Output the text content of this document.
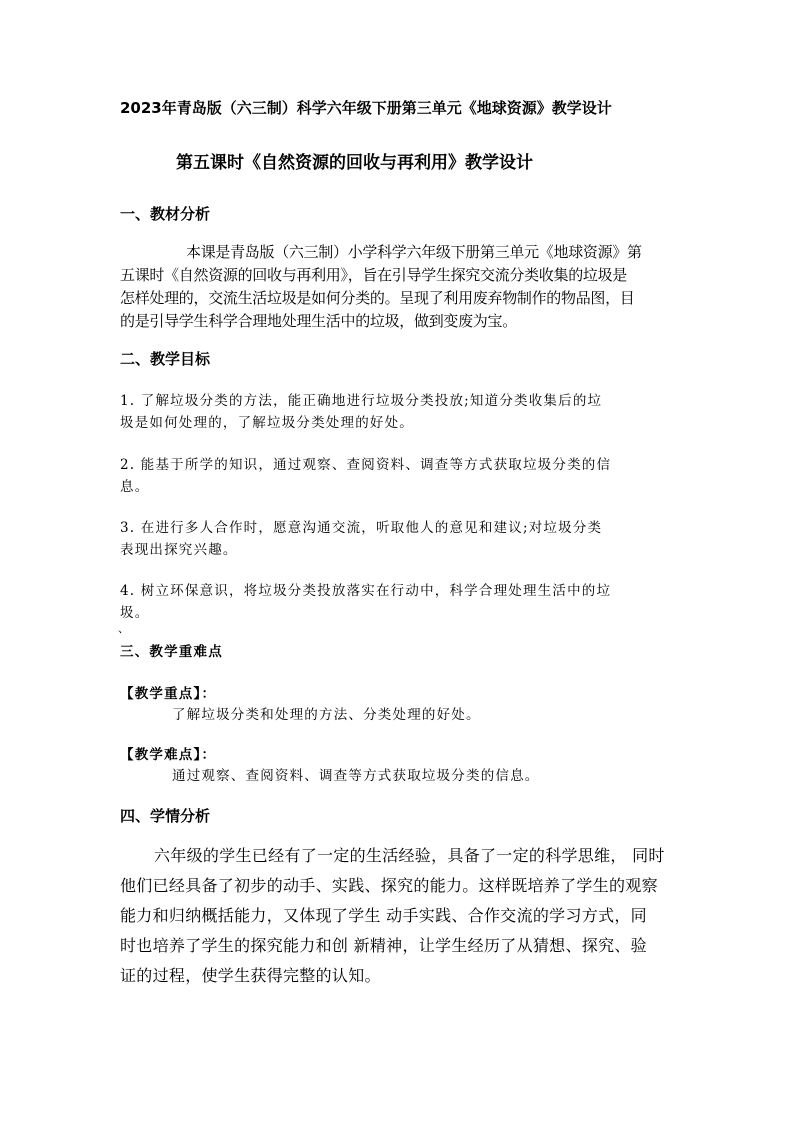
2023年青岛版（六三制）科学六年级下册第三单元《地球资源》教学设计
第五课时《自然资源的回收与再利用》教学设计
一、教材分析
本课是青岛版（六三制）小学科学六年级下册第三单元《地球资源》第
五课时《自然资源的回收与再利用》，旨在引导学生探究交流分类收集的垃圾是
怎样处理的，交流生活垃圾是如何分类的。呈现了利用废弃物制作的物品图，目
的是引导学生科学合理地处理生活中的垃圾，做到变废为宝。
二、教学目标
1. 了解垃圾分类的方法，能正确地进行垃圾分类投放;知道分类收集后的垃
圾是如何处理的，了解垃圾分类处理的好处。
2. 能基于所学的知识，通过观察、查阅资料、调查等方式获取垃圾分类的信
息。
3. 在进行多人合作时，愿意沟通交流，听取他人的意见和建议;对垃圾分类
表现出探究兴趣。
4. 树立环保意识，将垃圾分类投放落实在行动中，科学合理处理生活中的垃
圾。
、
三、教学重难点
【教学重点】：
了解垃圾分类和处理的方法、分类处理的好处。
【教学难点】：
通过观察、查阅资料、调查等方式获取垃圾分类的信息。
四、学情分析
六年级的学生已经有了一定的生活经验，具备了一定的科学思维， 同时
他们已经具备了初步的动手、实践、探究的能力。这样既培养了学生的观察
能力和归纳概括能力，又体现了学生 动手实践、合作交流的学习方式，同
时也培养了学生的探究能力和创 新精神，让学生经历了从猜想、探究、验
证的过程，使学生获得完整的认知。
